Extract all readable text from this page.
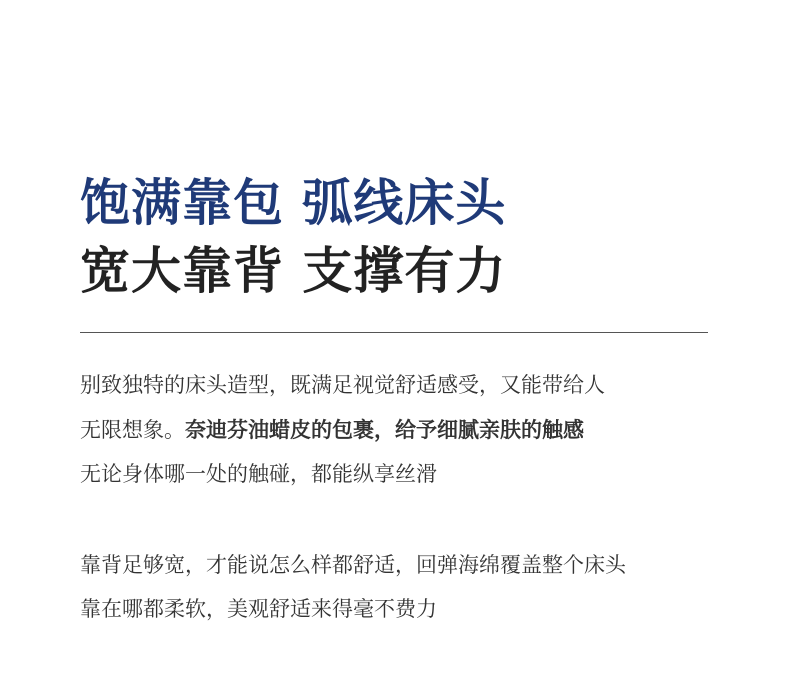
饱满靠包 弧线床头
宽大靠背 支撑有力
别致独特的床头造型，既满足视觉舒适感受，又能带给人
无限想象。奈迪芬油蜡皮的包裹，给予细腻亲肤的触感
无论身体哪一处的触碰，都能纵享丝滑
靠背足够宽，才能说怎么样都舒适，回弹海绵覆盖整个床头
靠在哪都柔软，美观舒适来得毫不费力
